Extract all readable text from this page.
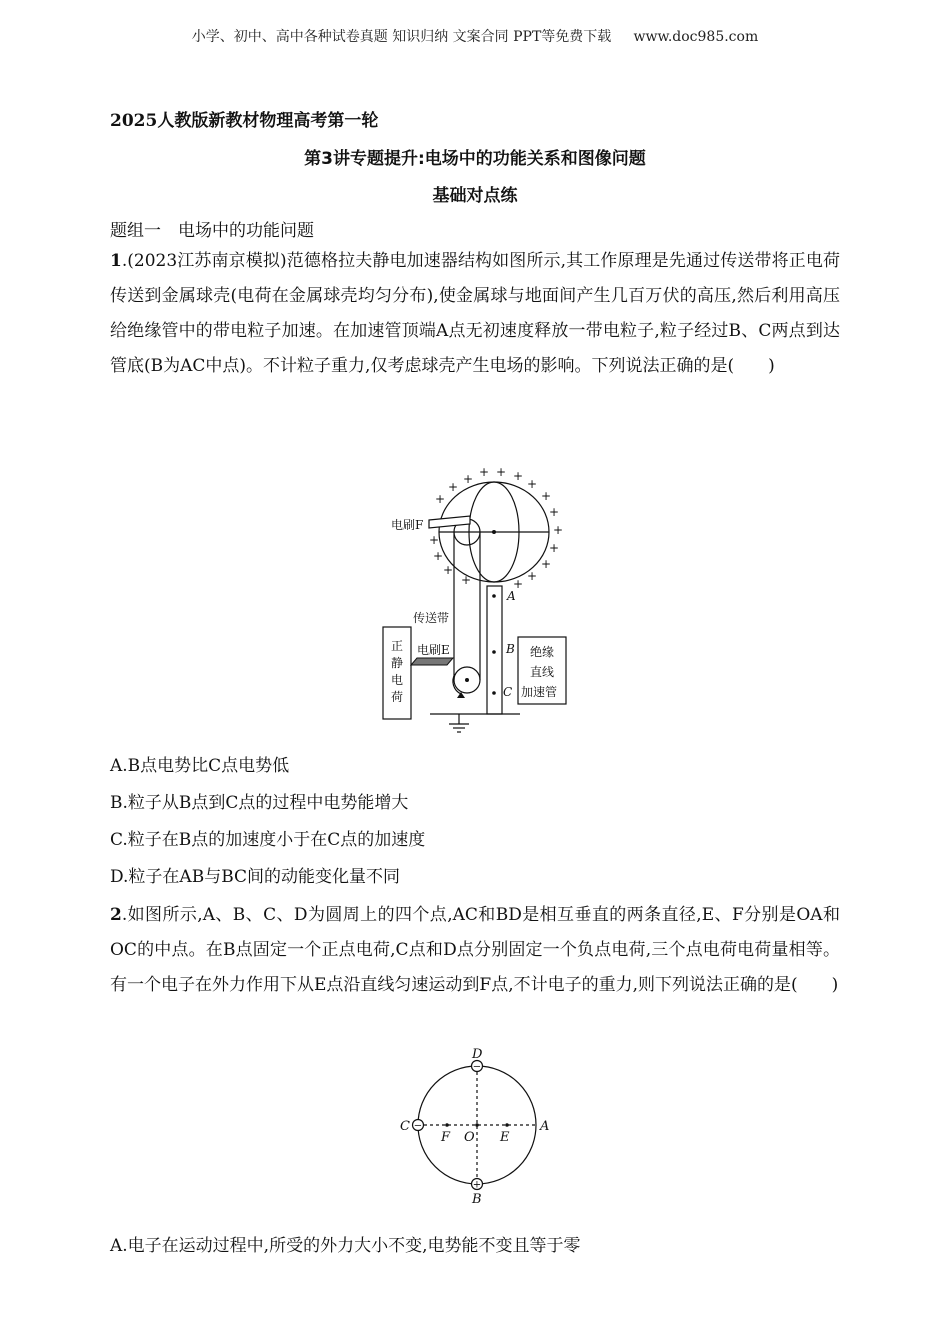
小学、初中、高中各种试卷真题 知识归纳 文案合同 PPT等免费下载     www.doc985.com
2025人教版新教材物理高考第一轮
第3讲专题提升:电场中的功能关系和图像问题
基础对点练
题组一　电场中的功能问题
1.(2023江苏南京模拟)范德格拉夫静电加速器结构如图所示,其工作原理是先通过传送带将正电荷传送到金属球壳(电荷在金属球壳均匀分布),使金属球与地面间产生几百万伏的高压,然后利用高压给绝缘管中的带电粒子加速。在加速管顶端A点无初速度释放一带电粒子,粒子经过B、C两点到达管底(B为AC中点)。不计粒子重力,仅考虑球壳产生电场的影响。下列说法正确的是(　　)
+ + + +
+
+
+	+
+
+
+
+
+
+
+
+
+
+
电刷F
传送带
电刷E
正
静
电
荷
绝缘
直线
加速管
A
B
C
A.B点电势比C点电势低
B.粒子从B点到C点的过程中电势能增大
C.粒子在B点的加速度小于在C点的加速度
D.粒子在AB与BC间的动能变化量不同
2.如图所示,A、B、C、D为圆周上的四个点,AC和BD是相互垂直的两条直径,E、F分别是OA和OC的中点。在B点固定一个正点电荷,C点和D点分别固定一个负点电荷,三个点电荷电荷量相等。有一个电子在外力作用下从E点沿直线匀速运动到F点,不计电子的重力,则下列说法正确的是(　　)
−
−
+
D
C	A
B
F O E
A.电子在运动过程中,所受的外力大小不变,电势能不变且等于零
